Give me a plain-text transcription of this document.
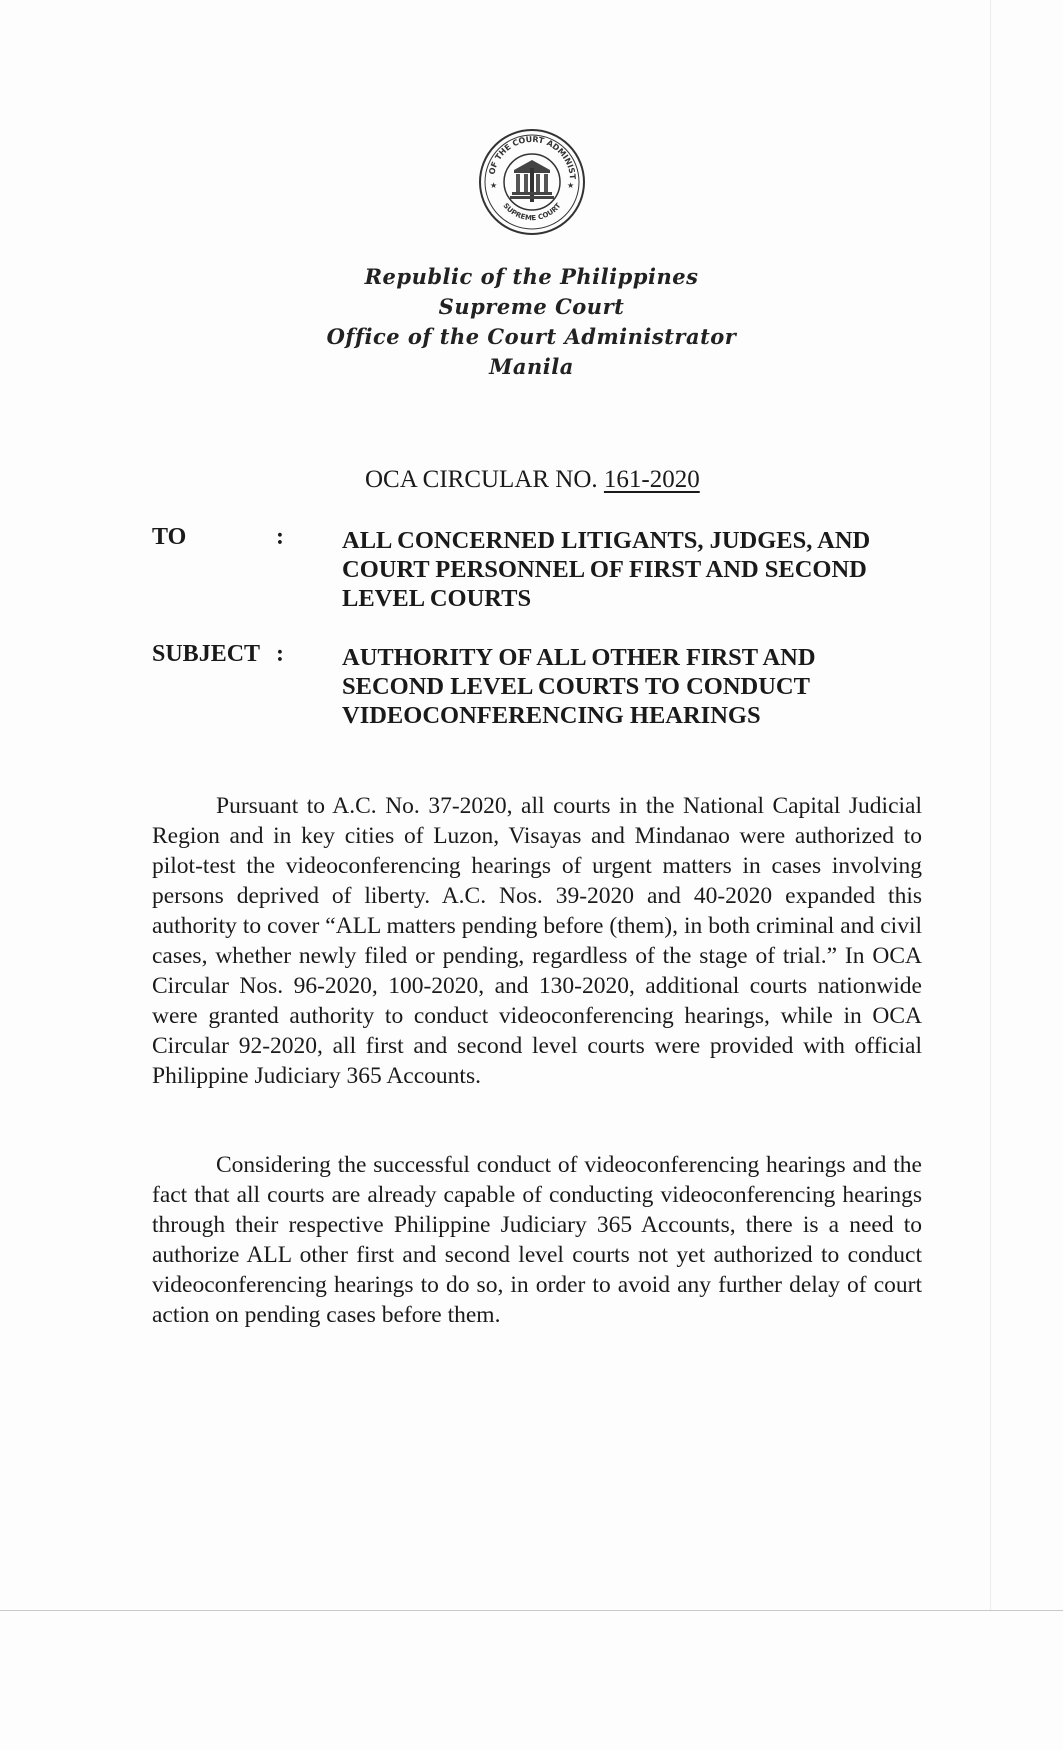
OF THE COURT ADMINIST
SUPREME COURT
★	★
Republic of the Philippines
Supreme Court
Office of the Court Administrator
Manila
OCA CIRCULAR NO. 161-2020
TO	: ALL CONCERNED LITIGANTS, JUDGES, AND COURT PERSONNEL OF FIRST AND SECOND LEVEL COURTS
SUBJECT : AUTHORITY OF ALL OTHER FIRST AND SECOND LEVEL COURTS TO CONDUCT VIDEOCONFERENCING HEARINGS
Pursuant to A.C. No. 37-2020, all courts in the National Capital Judicial Region and in key cities of Luzon, Visayas and Mindanao were authorized to pilot-test the videoconferencing hearings of urgent matters in cases involving persons deprived of liberty. A.C. Nos. 39-2020 and 40-2020 expanded this authority to cover “ALL matters pending before (them), in both criminal and civil cases, whether newly filed or pending, regardless of the stage of trial.” In OCA Circular Nos. 96-2020, 100-2020, and 130-2020, additional courts nationwide were granted authority to conduct videoconferencing hearings, while in OCA Circular 92-2020, all first and second level courts were provided with official Philippine Judiciary 365 Accounts.
Considering the successful conduct of videoconferencing hearings and the fact that all courts are already capable of conducting videoconferencing hearings through their respective Philippine Judiciary 365 Accounts, there is a need to authorize ALL other first and second level courts not yet authorized to conduct videoconferencing hearings to do so, in order to avoid any further delay of court action on pending cases before them.
